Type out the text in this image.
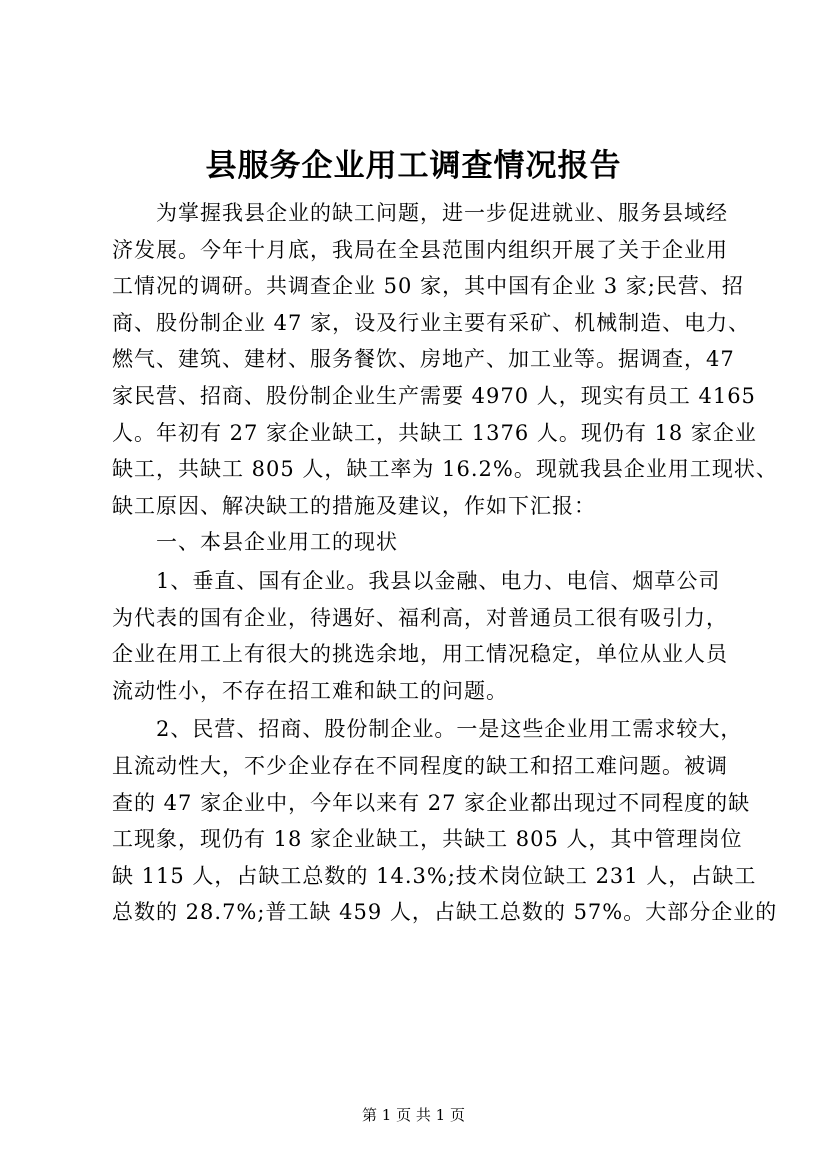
县服务企业用工调查情况报告
　　为掌握我县企业的缺工问题，进一步促进就业、服务县域经
济发展。今年十月底，我局在全县范围内组织开展了关于企业用
工情况的调研。共调查企业 50 家，其中国有企业 3 家;民营、招
商、股份制企业 47 家，设及行业主要有采矿、机械制造、电力、
燃气、建筑、建材、服务餐饮、房地产、加工业等。据调查，47
家民营、招商、股份制企业生产需要 4970 人，现实有员工 4165
人。年初有 27 家企业缺工，共缺工 1376 人。现仍有 18 家企业
缺工，共缺工 805 人，缺工率为 16.2%。现就我县企业用工现状、
缺工原因、解决缺工的措施及建议，作如下汇报：
　　一、本县企业用工的现状
　　1、垂直、国有企业。我县以金融、电力、电信、烟草公司
为代表的国有企业，待遇好、福利高，对普通员工很有吸引力，
企业在用工上有很大的挑选余地，用工情况稳定，单位从业人员
流动性小，不存在招工难和缺工的问题。
　　2、民营、招商、股份制企业。一是这些企业用工需求较大，
且流动性大，不少企业存在不同程度的缺工和招工难问题。被调
查的 47 家企业中，今年以来有 27 家企业都出现过不同程度的缺
工现象，现仍有 18 家企业缺工，共缺工 805 人，其中管理岗位
缺 115 人，占缺工总数的 14.3%;技术岗位缺工 231 人，占缺工
总数的 28.7%;普工缺 459 人，占缺工总数的 57%。大部分企业的
第 1 页 共 1 页
